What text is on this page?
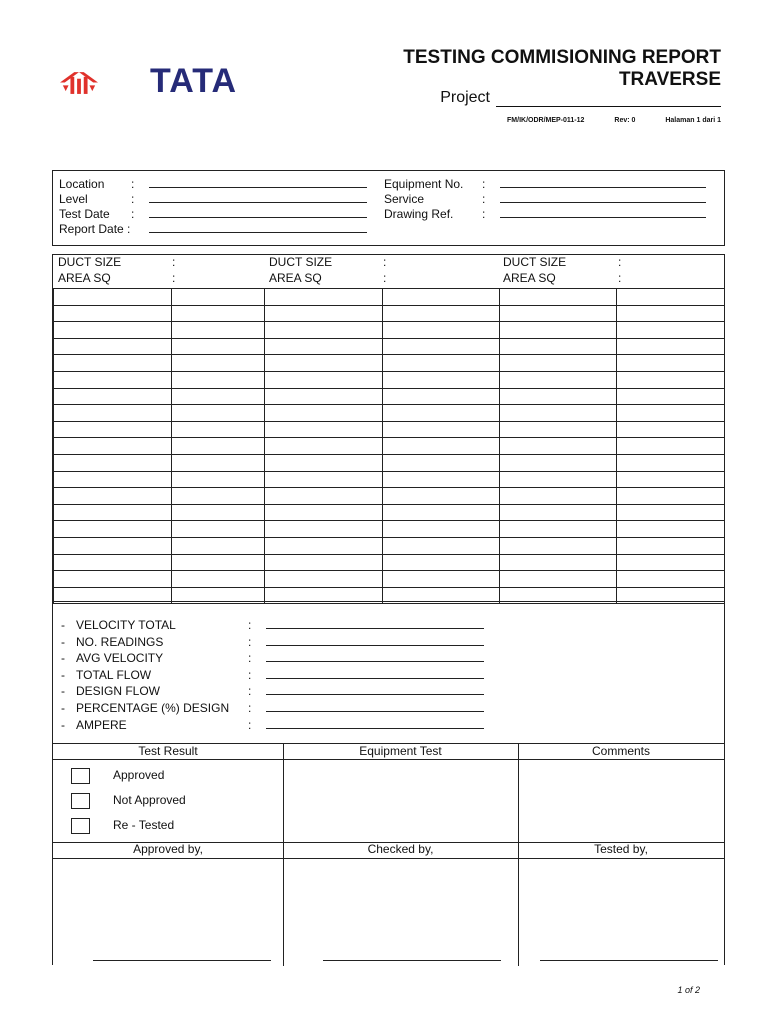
TATA
TESTING COMMISIONING REPORT
TRAVERSE
Project
FM/IK/ODR/MEP-011-12	Rev: 0	Halaman 1 dari 1
Location :
Level	:
Test Date :
Report Date :
Equipment No. :
Service	:
Drawing Ref. :
DUCT SIZE	:
AREA SQ	:
DUCT SIZE	:
AREA SQ	:
DUCT SIZE	:
AREA SQ	:

- VELOCITY TOTAL	:
- NO. READINGS	:
- AVG VELOCITY	:
- TOTAL FLOW	:
- DESIGN FLOW	:
- PERCENTAGE (%) DESIGN :
- AMPERE	:
Test Result	Equipment Test	Comments
Approved
Not Approved
Re - Tested
Approved by,	Checked by,	Tested by,
1 of 2
